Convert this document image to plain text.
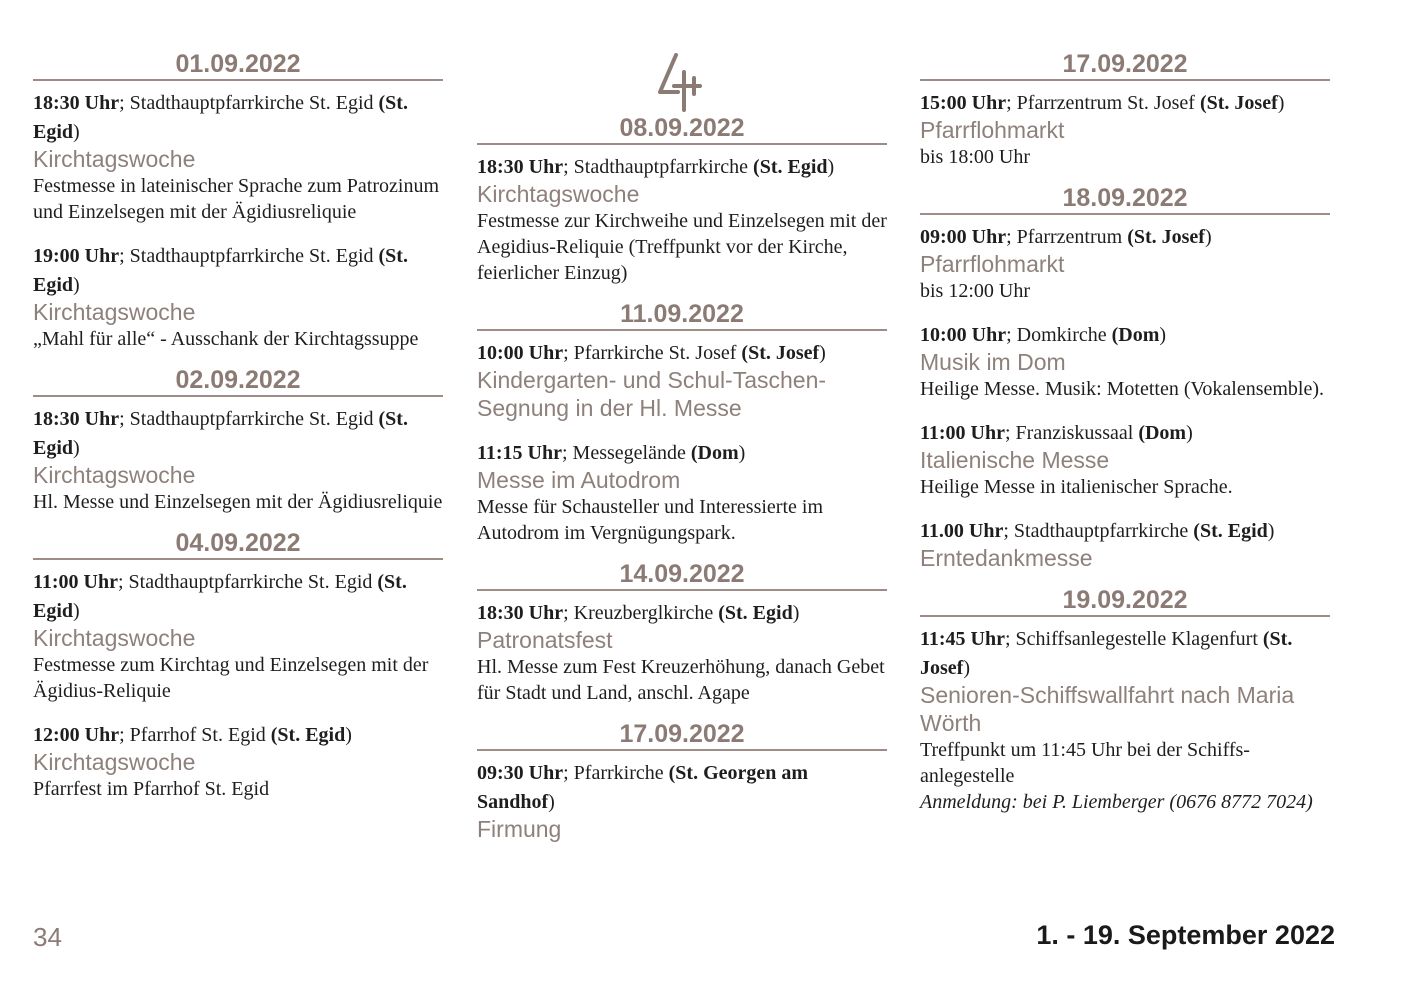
01.09.2022
18:30 Uhr; Stadthauptpfarrkirche St. Egid (St. Egid)
Kirchtagswoche
Festmesse in lateinischer Sprache zum Patrozinum und Einzelsegen mit der Ägidiusreliquie
19:00 Uhr; Stadthauptpfarrkirche St. Egid (St. Egid)
Kirchtagswoche
„Mahl für alle“ - Ausschank der Kirchtagssuppe
02.09.2022
18:30 Uhr; Stadthauptpfarrkirche St. Egid (St. Egid)
Kirchtagswoche
Hl. Messe und Einzelsegen mit der Ägidiusreliquie
04.09.2022
11:00 Uhr; Stadthauptpfarrkirche St. Egid (St. Egid)
Kirchtagswoche
Festmesse zum Kirchtag und Einzelsegen mit der Ägidius-Reliquie
12:00 Uhr; Pfarrhof St. Egid (St. Egid)
Kirchtagswoche
Pfarrfest im Pfarrhof St. Egid
08.09.2022
18:30 Uhr; Stadthauptpfarrkirche (St. Egid)
Kirchtagswoche
Festmesse zur Kirchweihe und Einzelsegen mit der Aegidius-Reliquie (Treffpunkt vor der Kirche, feierlicher Einzug)
11.09.2022
10:00 Uhr; Pfarrkirche St. Josef (St. Josef)
Kindergarten- und Schul-Taschen-Segnung in der Hl. Messe
11:15 Uhr; Messegelände (Dom)
Messe im Autodrom
Messe für Schausteller und Interessierte im Autodrom im Vergnügungspark.
14.09.2022
18:30 Uhr; Kreuzberglkirche (St. Egid)
Patronatsfest
Hl. Messe zum Fest Kreuzerhöhung, danach Gebet für Stadt und Land, anschl. Agape
17.09.2022
09:30 Uhr; Pfarrkirche (St. Georgen am Sandhof)
Firmung
17.09.2022
15:00 Uhr; Pfarrzentrum St. Josef (St. Josef)
Pfarrflohmarkt
bis 18:00 Uhr
18.09.2022
09:00 Uhr; Pfarrzentrum (St. Josef)
Pfarrflohmarkt
bis 12:00 Uhr
10:00 Uhr; Domkirche (Dom)
Musik im Dom
Heilige Messe. Musik: Motetten (Vokalensemble).
11:00 Uhr; Franziskussaal (Dom)
Italienische Messe
Heilige Messe in italienischer Sprache.
11.00 Uhr; Stadthauptpfarrkirche (St. Egid)
Erntedankmesse
19.09.2022
11:45 Uhr; Schiffsanlegestelle Klagenfurt (St. Josef)
Senioren-Schiffswallfahrt nach Maria Wörth
Treffpunkt um 11:45 Uhr bei der Schiffs-anlegestelle
Anmeldung: bei P. Liemberger (0676 8772 7024)
34	1. - 19. September 2022
